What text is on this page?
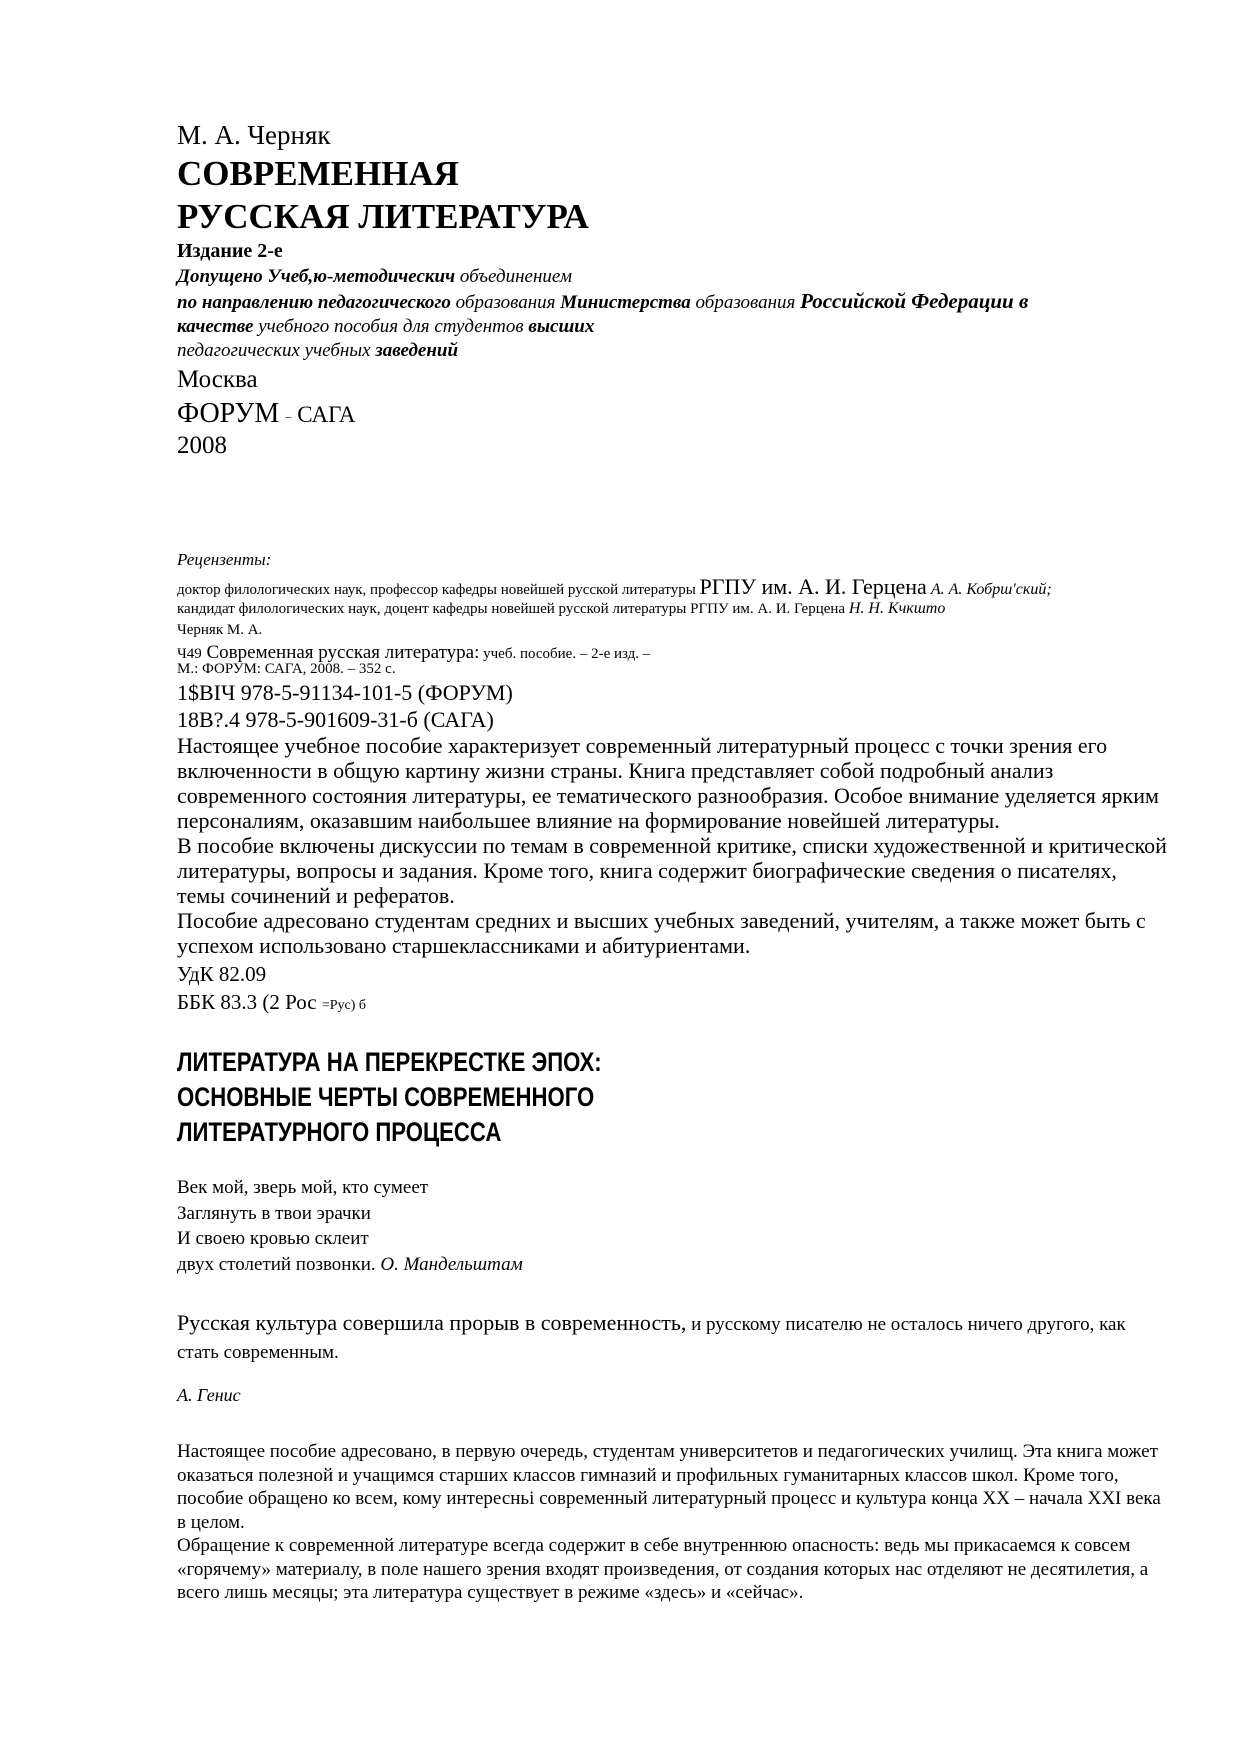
М. А. Черняк
СОВРЕМЕННАЯ
РУССКАЯ ЛИТЕРАТУРА
Издание 2-е
Допущено Учеб,ю-методическич объединением
по направлению педагогического образования Министерства образования Российской Федерации в
качестве учебного пособия для студентов высших
педагогических учебных заведений
Москва
ФОРУМ – САГА
2008
Рецензенты:
доктор филологических наук, профессор кафедры новейшей русской литературы РГПУ им. А. И. Герцена А. А. Кобрш'ский;
кандидат филологических наук, доцент кафедры новейшей русской литературы РГПУ им. А. И. Герцена Н. Н. Кчкшто
Черняк М. А.
Ч49 Современная русская литература: учеб. пособие. – 2-е изд. –
М.: ФОРУМ: САГА, 2008. – 352 с.
1$ВІЧ 978-5-91134-101-5 (ФОРУМ)
18В?.4 978-5-901609-31-б (САГА)

Настоящее учебное пособие характеризует современный литературный процесс с точки зрения его включенности в общую картину жизни страны. Книга представляет собой подробный анализ современного состояния литературы, ее тематического разнообразия. Особое внимание уделяется ярким персоналиям, оказавшим наибольшее влияние на формирование новейшей литературы.

В пособие включены дискуссии по темам в современной критике, списки художественной и критической литературы, вопросы и задания. Кроме того, книга содержит биографические сведения о писателях, темы сочинений и рефератов.

Пособие адресовано студентам средних и высших учебных заведений, учителям, а также может быть с успехом использовано старшеклассниками и абитуриентами.

УдК 82.09
ББК 83.3 (2 Рос =Рус) б
ЛИТЕРАТУРА НА ПЕРЕКРЕСТКЕ ЭПОХ:
ОСНОВНЫЕ ЧЕРТЫ СОВРЕМЕННОГО
ЛИТЕРАТУРНОГО ПРОЦЕССА
Век мой, зверь мой, кто сумеет
Заглянуть в твои эрачки
И своею кровью склеит
двух столетий позвонки. О. Мандельштам
Русская культура совершила прорыв в современность, и русскому писателю не осталось ничего другого, как стать современным.
А. Генис

Настоящее пособие адресовано, в первую очередь, студентам университетов и педагогических училищ. Эта книга может оказаться полезной и учащимся старших классов гимназий и профильных гуманитарных классов школ. Кроме того, пособие обращено ко всем, кому интересньі современный литературный процесс и культура конца XX – начала XXI века в целом.

Обращение к современной литературе всегда содержит в себе внутреннюю опасность: ведь мы прикасаемся к совсем «горячему» материалу, в поле нашего зрения входят произведения, от создания которых нас отделяют не десятилетия, а всего лишь месяцы; эта литература существует в режиме «здесь» и «сейчас».
